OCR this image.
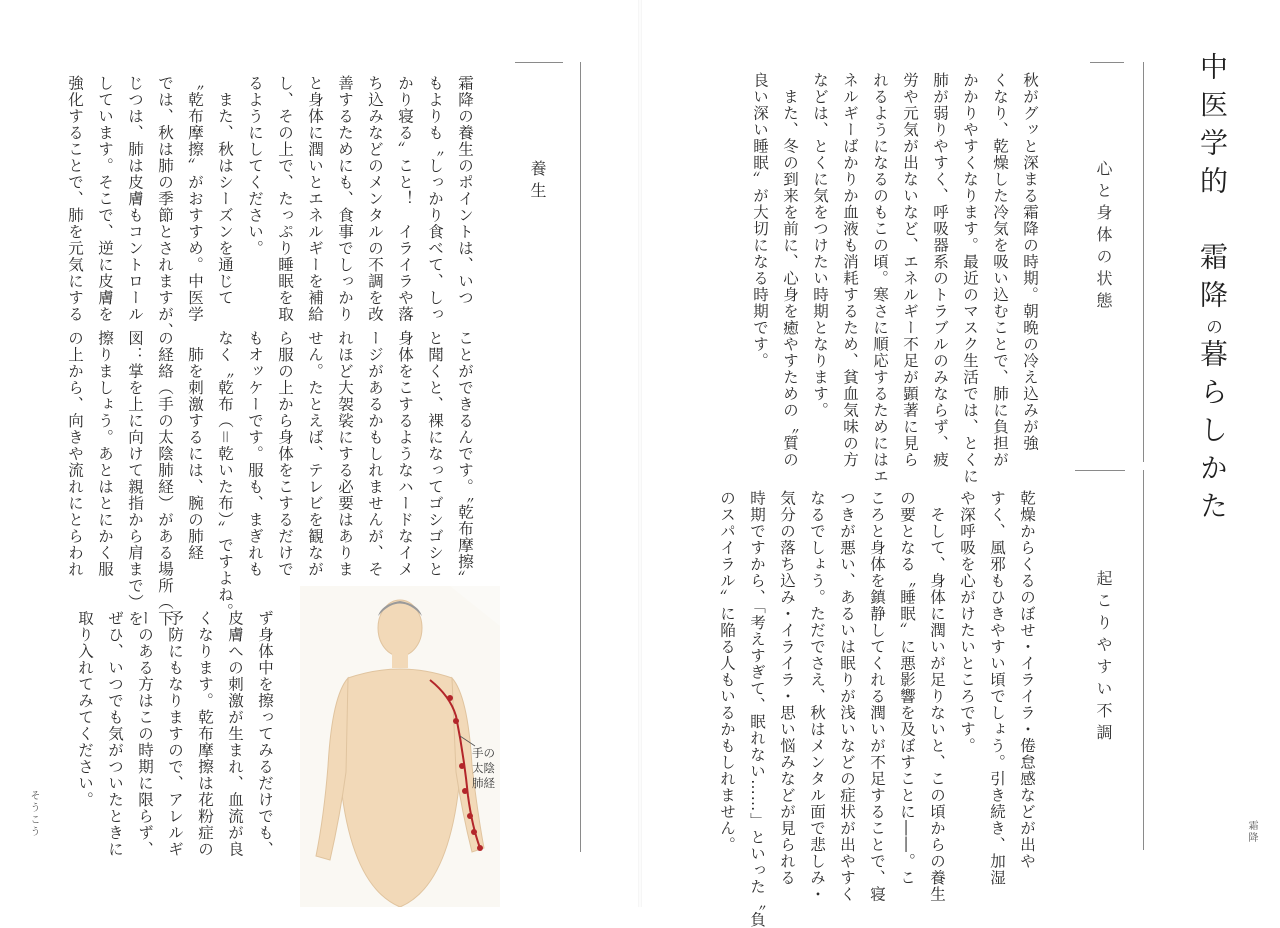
中医学的　霜降の暮らしかた
霜降
心と身体の状態
秋がグッと深まる霜降の時期。朝晩の冷え込みが強
くなり、乾燥した冷気を吸い込むことで、肺に負担が
かかりやすくなります。最近のマスク生活では、とくに
肺が弱りやすく、呼吸器系のトラブルのみならず、疲
労や元気が出ないなど、エネルギー不足が顕著に見ら
れるようになるのもこの頃。寒さに順応するためにはエ
ネルギーばかりか血液も消耗するため、貧血気味の方
などは、とくに気をつけたい時期となります。
　また、冬の到来を前に、心身を癒やすための〝質の
良い深い睡眠〟が大切になる時期です。
起こりやすい不調
乾燥からくるのぼせ・イライラ・倦怠感などが出や
すく、風邪もひきやすい頃でしょう。引き続き、加湿
や深呼吸を心がけたいところです。
　そして、身体に潤いが足りないと、この頃からの養生
の要となる〝睡眠〟に悪影響を及ぼすことに――。こ
ころと身体を鎮静してくれる潤いが不足することで、寝
つきが悪い、あるいは眠りが浅いなどの症状が出やすく
なるでしょう。ただでさえ、秋はメンタル面で悲しみ・
気分の落ち込み・イライラ・思い悩みなどが見られる
時期ですから、「考えすぎて、眠れない……」といった〝負
のスパイラル〟に陥る人もいるかもしれません。
養生
霜降の養生のポイントは、いつ
もよりも〝しっかり食べて、しっ
かり寝る〟こと！　イライラや落
ち込みなどのメンタルの不調を改
善するためにも、食事でしっかり
と身体に潤いとエネルギーを補給
し、その上で、たっぷり睡眠を取
るようにしてください。
　また、秋はシーズンを通じて
〝乾布摩擦〟がおすすめ。中医学
では、秋は肺の季節とされますが、
じつは、肺は皮膚もコントロール
しています。そこで、逆に皮膚を
強化することで、肺を元気にする
ことができるんです。〝乾布摩擦〟
と聞くと、裸になってゴシゴシと
身体をこするようなハードなイメ
ージがあるかもしれませんが、そ
れほど大袈裟にする必要はありま
せん。たとえば、テレビを観なが
ら服の上から身体をこするだけで
もオッケーです。服も、まぎれも
なく〝乾布（＝乾いた布）〟ですよね。
　肺を刺激するには、腕の肺経
の経絡（手の太陰肺経）がある場所（下
図：掌を上に向けて親指から肩まで）を
擦りましょう。あとはとにかく服
の上から、向きや流れにとらわれ
ず身体中を擦ってみるだけでも、
皮膚への刺激が生まれ、血流が良
くなります。乾布摩擦は花粉症の
予防にもなりますので、アレルギ
ーのある方はこの時期に限らず、
ぜひ、いつでも気がついたときに
取り入れてみてください。	手の
太陰肺経
そうこう
